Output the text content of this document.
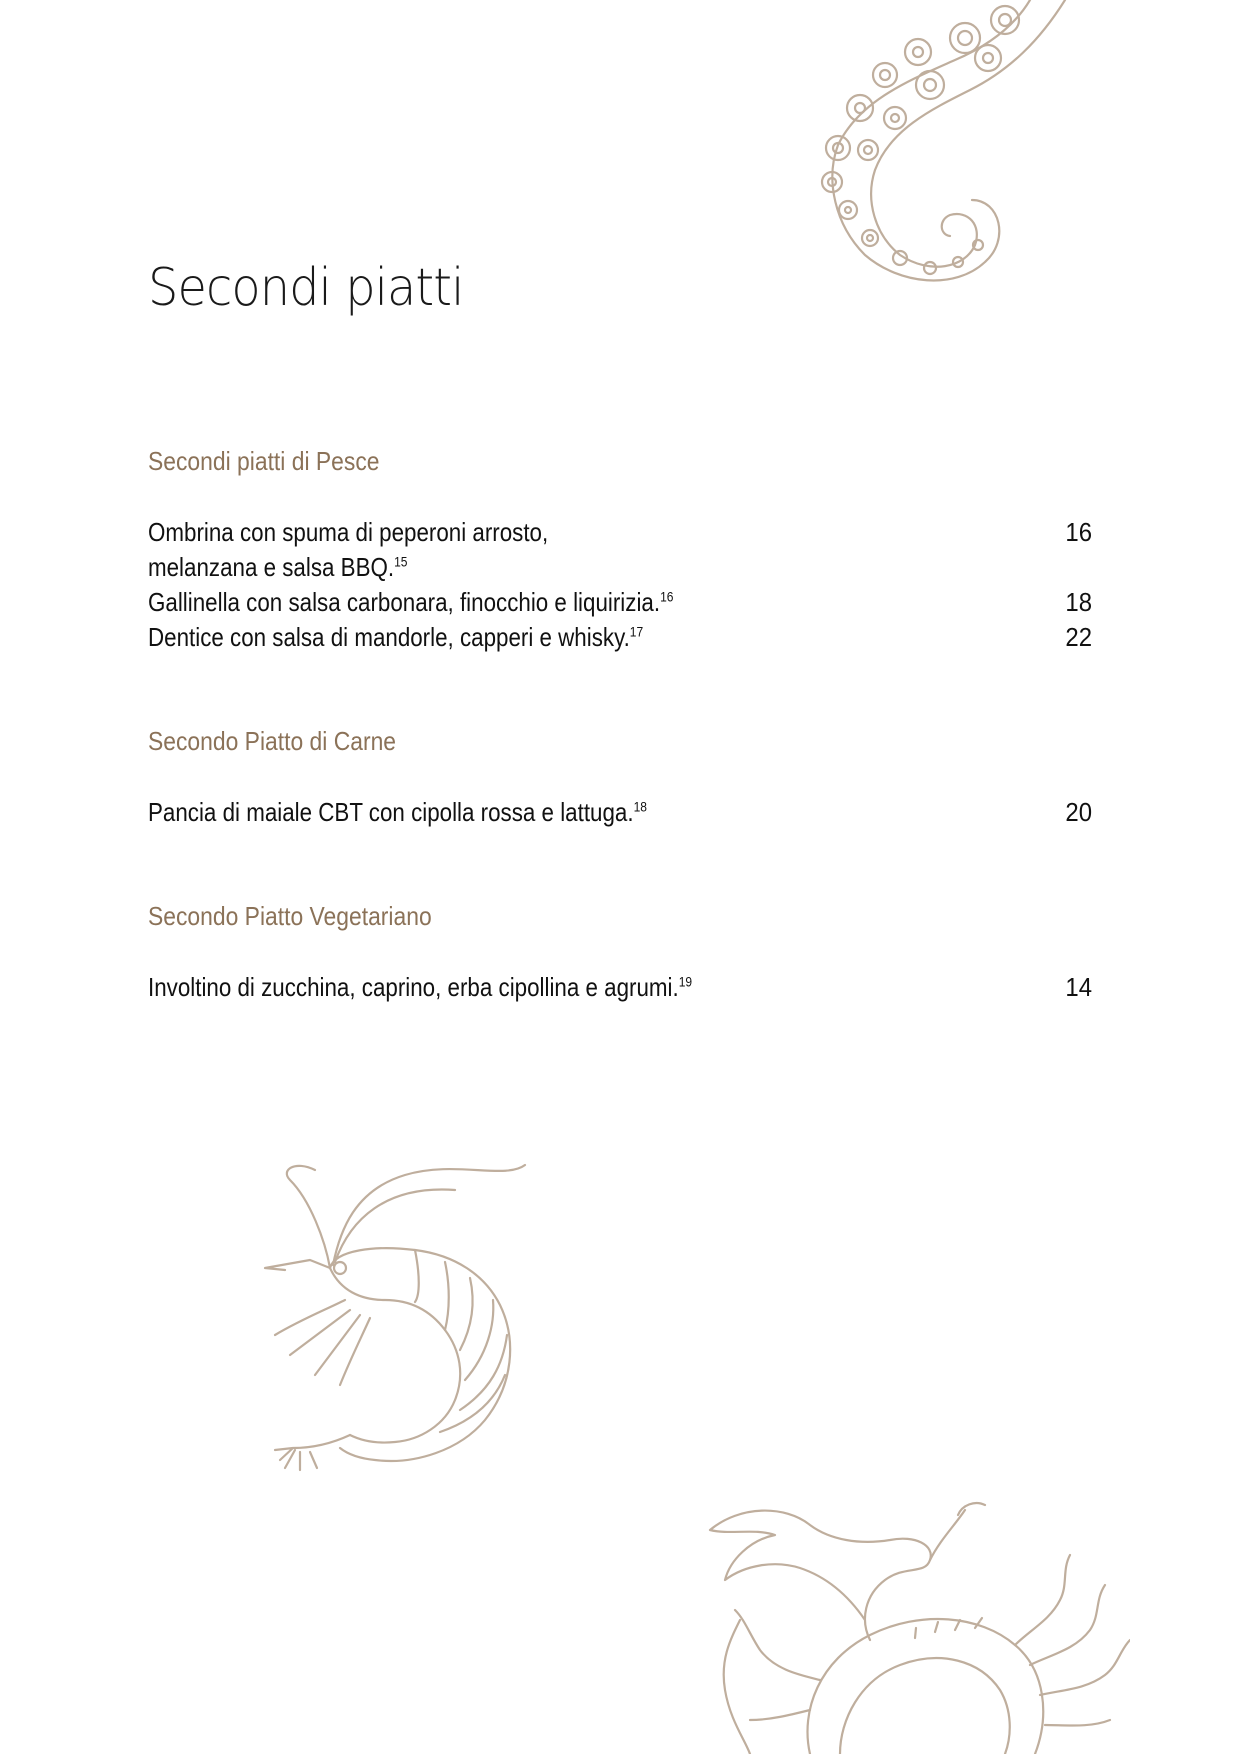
Secondi piatti
Secondi piatti di Pesce
Ombrina con spuma di peperoni arrosto,
melanzana e salsa BBQ.$^{15}$
16
Gallinella con salsa carbonara, finocchio e liquirizia.$^{16}$	18
Dentice con salsa di mandorle, capperi e whisky.$^{17}$	22
Secondo Piatto di Carne
Pancia di maiale CBT con cipolla rossa e lattuga.$^{18}$	20
Secondo Piatto Vegetariano
Involtino di zucchina, caprino, erba cipollina e agrumi.$^{19}$	14
